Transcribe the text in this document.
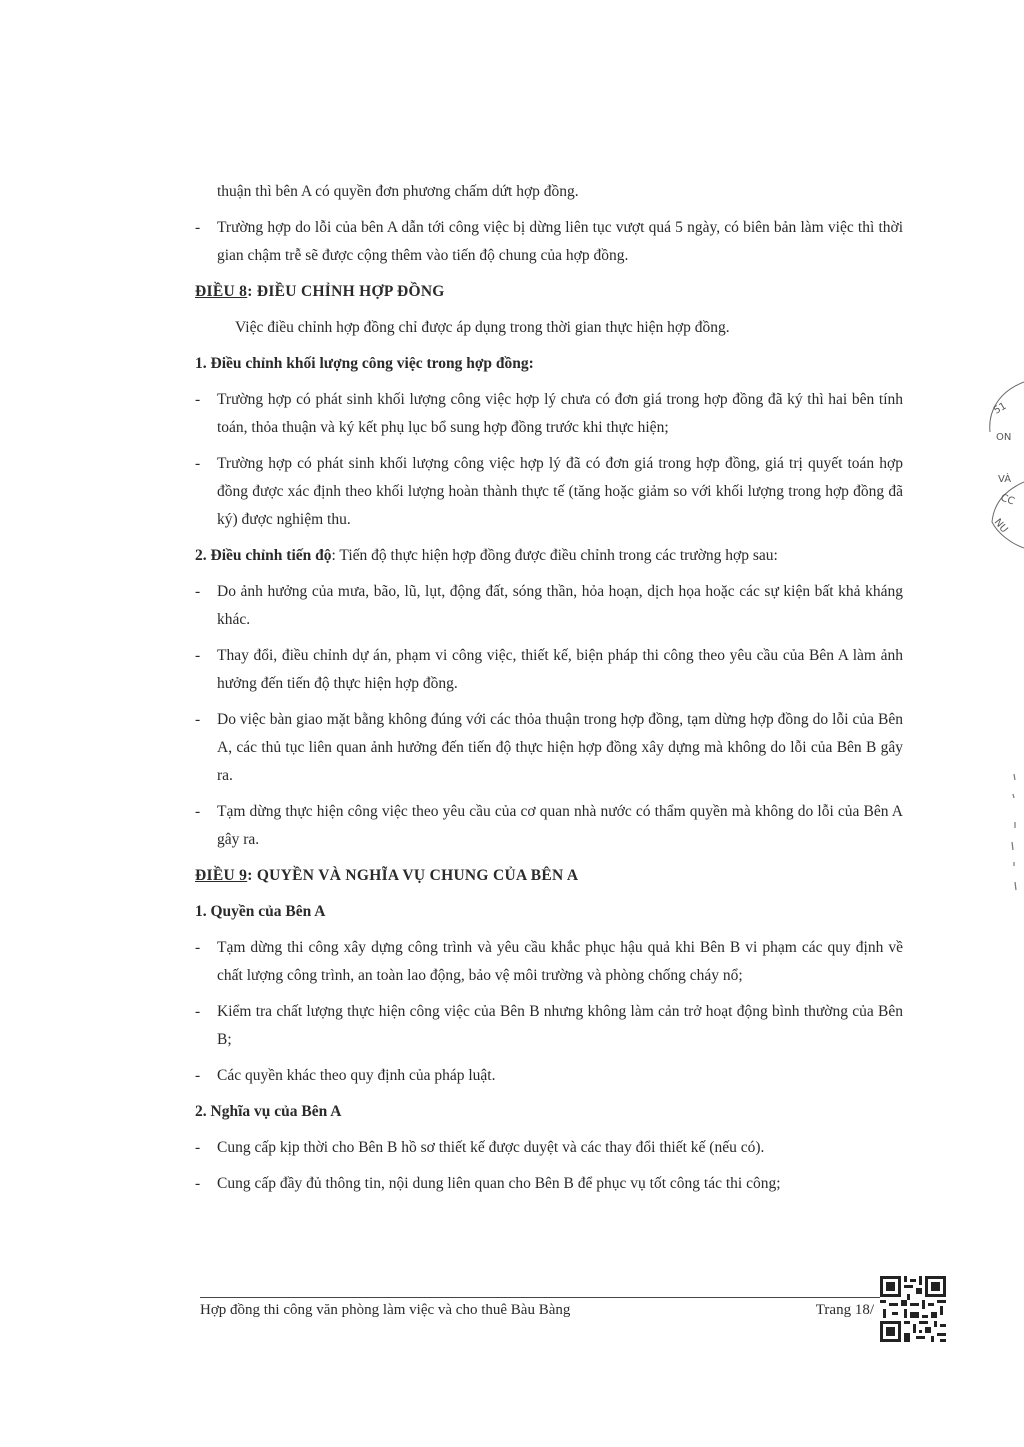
thuận thì bên A có quyền đơn phương chấm dứt hợp đồng.

- Trường hợp do lỗi của bên A dẫn tới công việc bị dừng liên tục vượt quá 5 ngày, có biên bản làm việc thì thời gian chậm trễ sẽ được cộng thêm vào tiến độ chung của hợp đồng.

ĐIỀU 8: ĐIỀU CHỈNH HỢP ĐỒNG

Việc điều chỉnh hợp đồng chỉ được áp dụng trong thời gian thực hiện hợp đồng.

1. Điều chỉnh khối lượng công việc trong hợp đồng:

- Trường hợp có phát sinh khối lượng công việc hợp lý chưa có đơn giá trong hợp đồng đã ký thì hai bên tính toán, thỏa thuận và ký kết phụ lục bổ sung hợp đồng trước khi thực hiện;
- Trường hợp có phát sinh khối lượng công việc hợp lý đã có đơn giá trong hợp đồng, giá trị quyết toán hợp đồng được xác định theo khối lượng hoàn thành thực tế (tăng hoặc giảm so với khối lượng trong hợp đồng đã ký) được nghiệm thu.

2. Điều chỉnh tiến độ: Tiến độ thực hiện hợp đồng được điều chỉnh trong các trường hợp sau:

- Do ảnh hưởng của mưa, bão, lũ, lụt, động đất, sóng thần, hỏa hoạn, dịch họa hoặc các sự kiện bất khả kháng khác.
- Thay đổi, điều chỉnh dự án, phạm vi công việc, thiết kế, biện pháp thi công theo yêu cầu của Bên A làm ảnh hưởng đến tiến độ thực hiện hợp đồng.
- Do việc bàn giao mặt bằng không đúng với các thỏa thuận trong hợp đồng, tạm dừng hợp đồng do lỗi của Bên A, các thủ tục liên quan ảnh hưởng đến tiến độ thực hiện hợp đồng xây dựng mà không do lỗi của Bên B gây ra.
- Tạm dừng thực hiện công việc theo yêu cầu của cơ quan nhà nước có thẩm quyền mà không do lỗi của Bên A gây ra.

ĐIỀU 9: QUYỀN VÀ NGHĨA VỤ CHUNG CỦA BÊN A

1. Quyền của Bên A

- Tạm dừng thi công xây dựng công trình và yêu cầu khắc phục hậu quả khi Bên B vi phạm các quy định về chất lượng công trình, an toàn lao động, bảo vệ môi trường và phòng chống cháy nổ;
- Kiểm tra chất lượng thực hiện công việc của Bên B nhưng không làm cản trở hoạt động bình thường của Bên B;
- Các quyền khác theo quy định của pháp luật.

2. Nghĩa vụ của Bên A

- Cung cấp kịp thời cho Bên B hồ sơ thiết kế được duyệt và các thay đổi thiết kế (nếu có).
- Cung cấp đầy đủ thông tin, nội dung liên quan cho Bên B để phục vụ tốt công tác thi công;
Hợp đồng thi công văn phòng làm việc và cho thuê Bàu Bàng	Trang 18/
51
ON
VÀ
CC
NU
